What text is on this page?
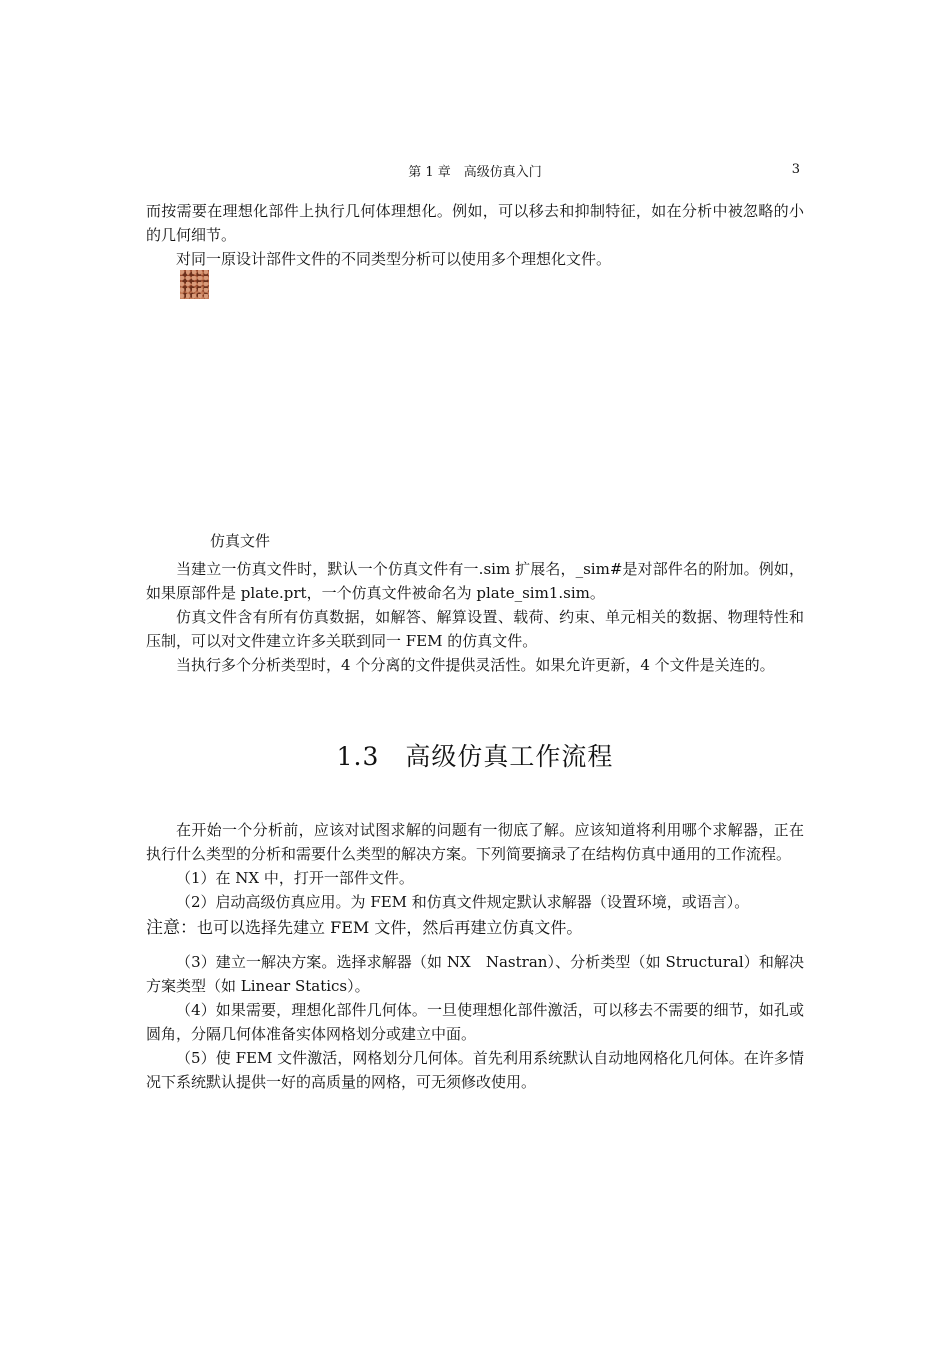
第 1 章　高级仿真入门	3

而按需要在理想化部件上执行几何体理想化。例如，可以移去和抑制特征，如在分析中被忽略的小的几何细节。

对同一原设计部件文件的不同类型分析可以使用多个理想化文件。

仿真文件

当建立一仿真文件时，默认一个仿真文件有一.sim 扩展名，_sim#是对部件名的附加。例如，如果原部件是 plate.prt，一个仿真文件被命名为 plate_sim1.sim。

仿真文件含有所有仿真数据，如解答、解算设置、载荷、约束、单元相关的数据、物理特性和压制，可以对文件建立许多关联到同一 FEM 的仿真文件。

当执行多个分析类型时，4 个分离的文件提供灵活性。如果允许更新，4 个文件是关连的。

1.3　 高级仿真工作流程

在开始一个分析前，应该对试图求解的问题有一彻底了解。应该知道将利用哪个求解器，正在执行什么类型的分析和需要什么类型的解决方案。下列简要摘录了在结构仿真中通用的工作流程。

（1）在 NX 中，打开一部件文件。

（2）启动高级仿真应用。为 FEM 和仿真文件规定默认求解器（设置环境，或语言）。

注意：也可以选择先建立 FEM 文件，然后再建立仿真文件。

（3）建立一解决方案。选择求解器（如 NX　Nastran）、分析类型（如 Structural）和解决方案类型（如 Linear Statics）。

（4）如果需要，理想化部件几何体。一旦使理想化部件激活，可以移去不需要的细节，如孔或圆角，分隔几何体准备实体网格划分或建立中面。

（5）使 FEM 文件激活，网格划分几何体。首先利用系统默认自动地网格化几何体。在许多情况下系统默认提供一好的高质量的网格，可无须修改使用。
